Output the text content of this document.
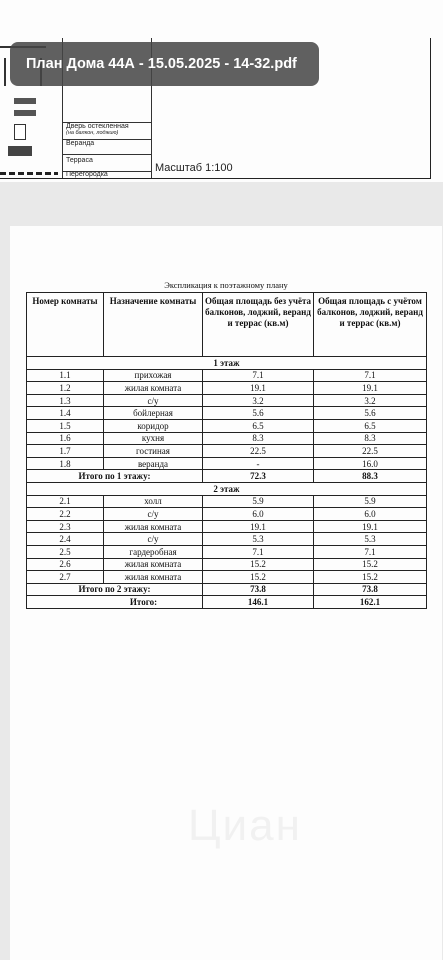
Дверь остекленная
(на балкон, лоджию)
Веранда
Терраса
Перегородка
Масштаб 1:100
План Дома 44А - 15.05.2025 - 14-32.pdf
Экспликация к поэтажному плану
Номер комнаты	Назначение комнаты	Общая площадь без учёта балконов, лоджий, веранд и террас (кв.м)	Общая площадь с учётом балконов, лоджий, веранд и террас (кв.м)
1 этаж			
1.1	прихожая	7.1	7.1
1.2	жилая комната	19.1	19.1
1.3	с/у	3.2	3.2
1.4	бойлерная	5.6	5.6
1.5	коридор	6.5	6.5
1.6	кухня	8.3	8.3
1.7	гостиная	22.5	22.5
1.8	веранда	-	16.0
Итого по 1 этажу:		72.3	88.3
2 этаж			
2.1	холл	5.9	5.9
2.2	с/у	6.0	6.0
2.3	жилая комната	19.1	19.1
2.4	с/у	5.3	5.3
2.5	гардеробная	7.1	7.1
2.6	жилая комната	15.2	15.2
2.7	жилая комната	15.2	15.2
Итого по 2 этажу:		73.8	73.8
Итого:		146.1	162.1
Циан
